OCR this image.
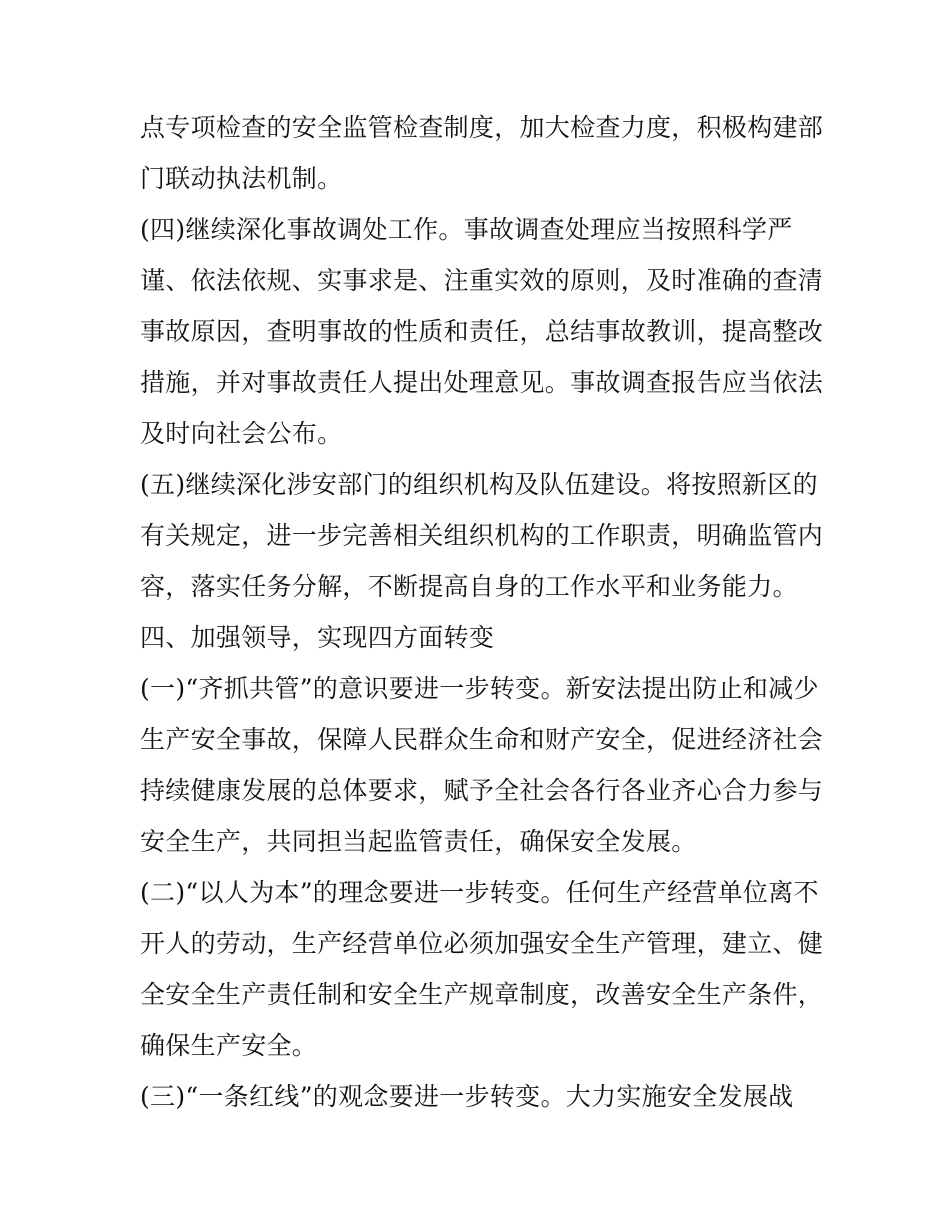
点专项检查的安全监管检查制度，加大检查力度，积极构建部
门联动执法机制。
(四)继续深化事故调处工作。事故调查处理应当按照科学严
谨、依法依规、实事求是、注重实效的原则，及时准确的查清
事故原因，查明事故的性质和责任，总结事故教训，提高整改
措施，并对事故责任人提出处理意见。事故调查报告应当依法
及时向社会公布。
(五)继续深化涉安部门的组织机构及队伍建设。将按照新区的
有关规定，进一步完善相关组织机构的工作职责，明确监管内
容，落实任务分解，不断提高自身的工作水平和业务能力。
四、加强领导，实现四方面转变
(一)“齐抓共管”的意识要进一步转变。新安法提出防止和减少
生产安全事故，保障人民群众生命和财产安全，促进经济社会
持续健康发展的总体要求，赋予全社会各行各业齐心合力参与
安全生产，共同担当起监管责任，确保安全发展。
(二)“以人为本”的理念要进一步转变。任何生产经营单位离不
开人的劳动，生产经营单位必须加强安全生产管理，建立、健
全安全生产责任制和安全生产规章制度，改善安全生产条件，
确保生产安全。
(三)“一条红线”的观念要进一步转变。大力实施安全发展战
